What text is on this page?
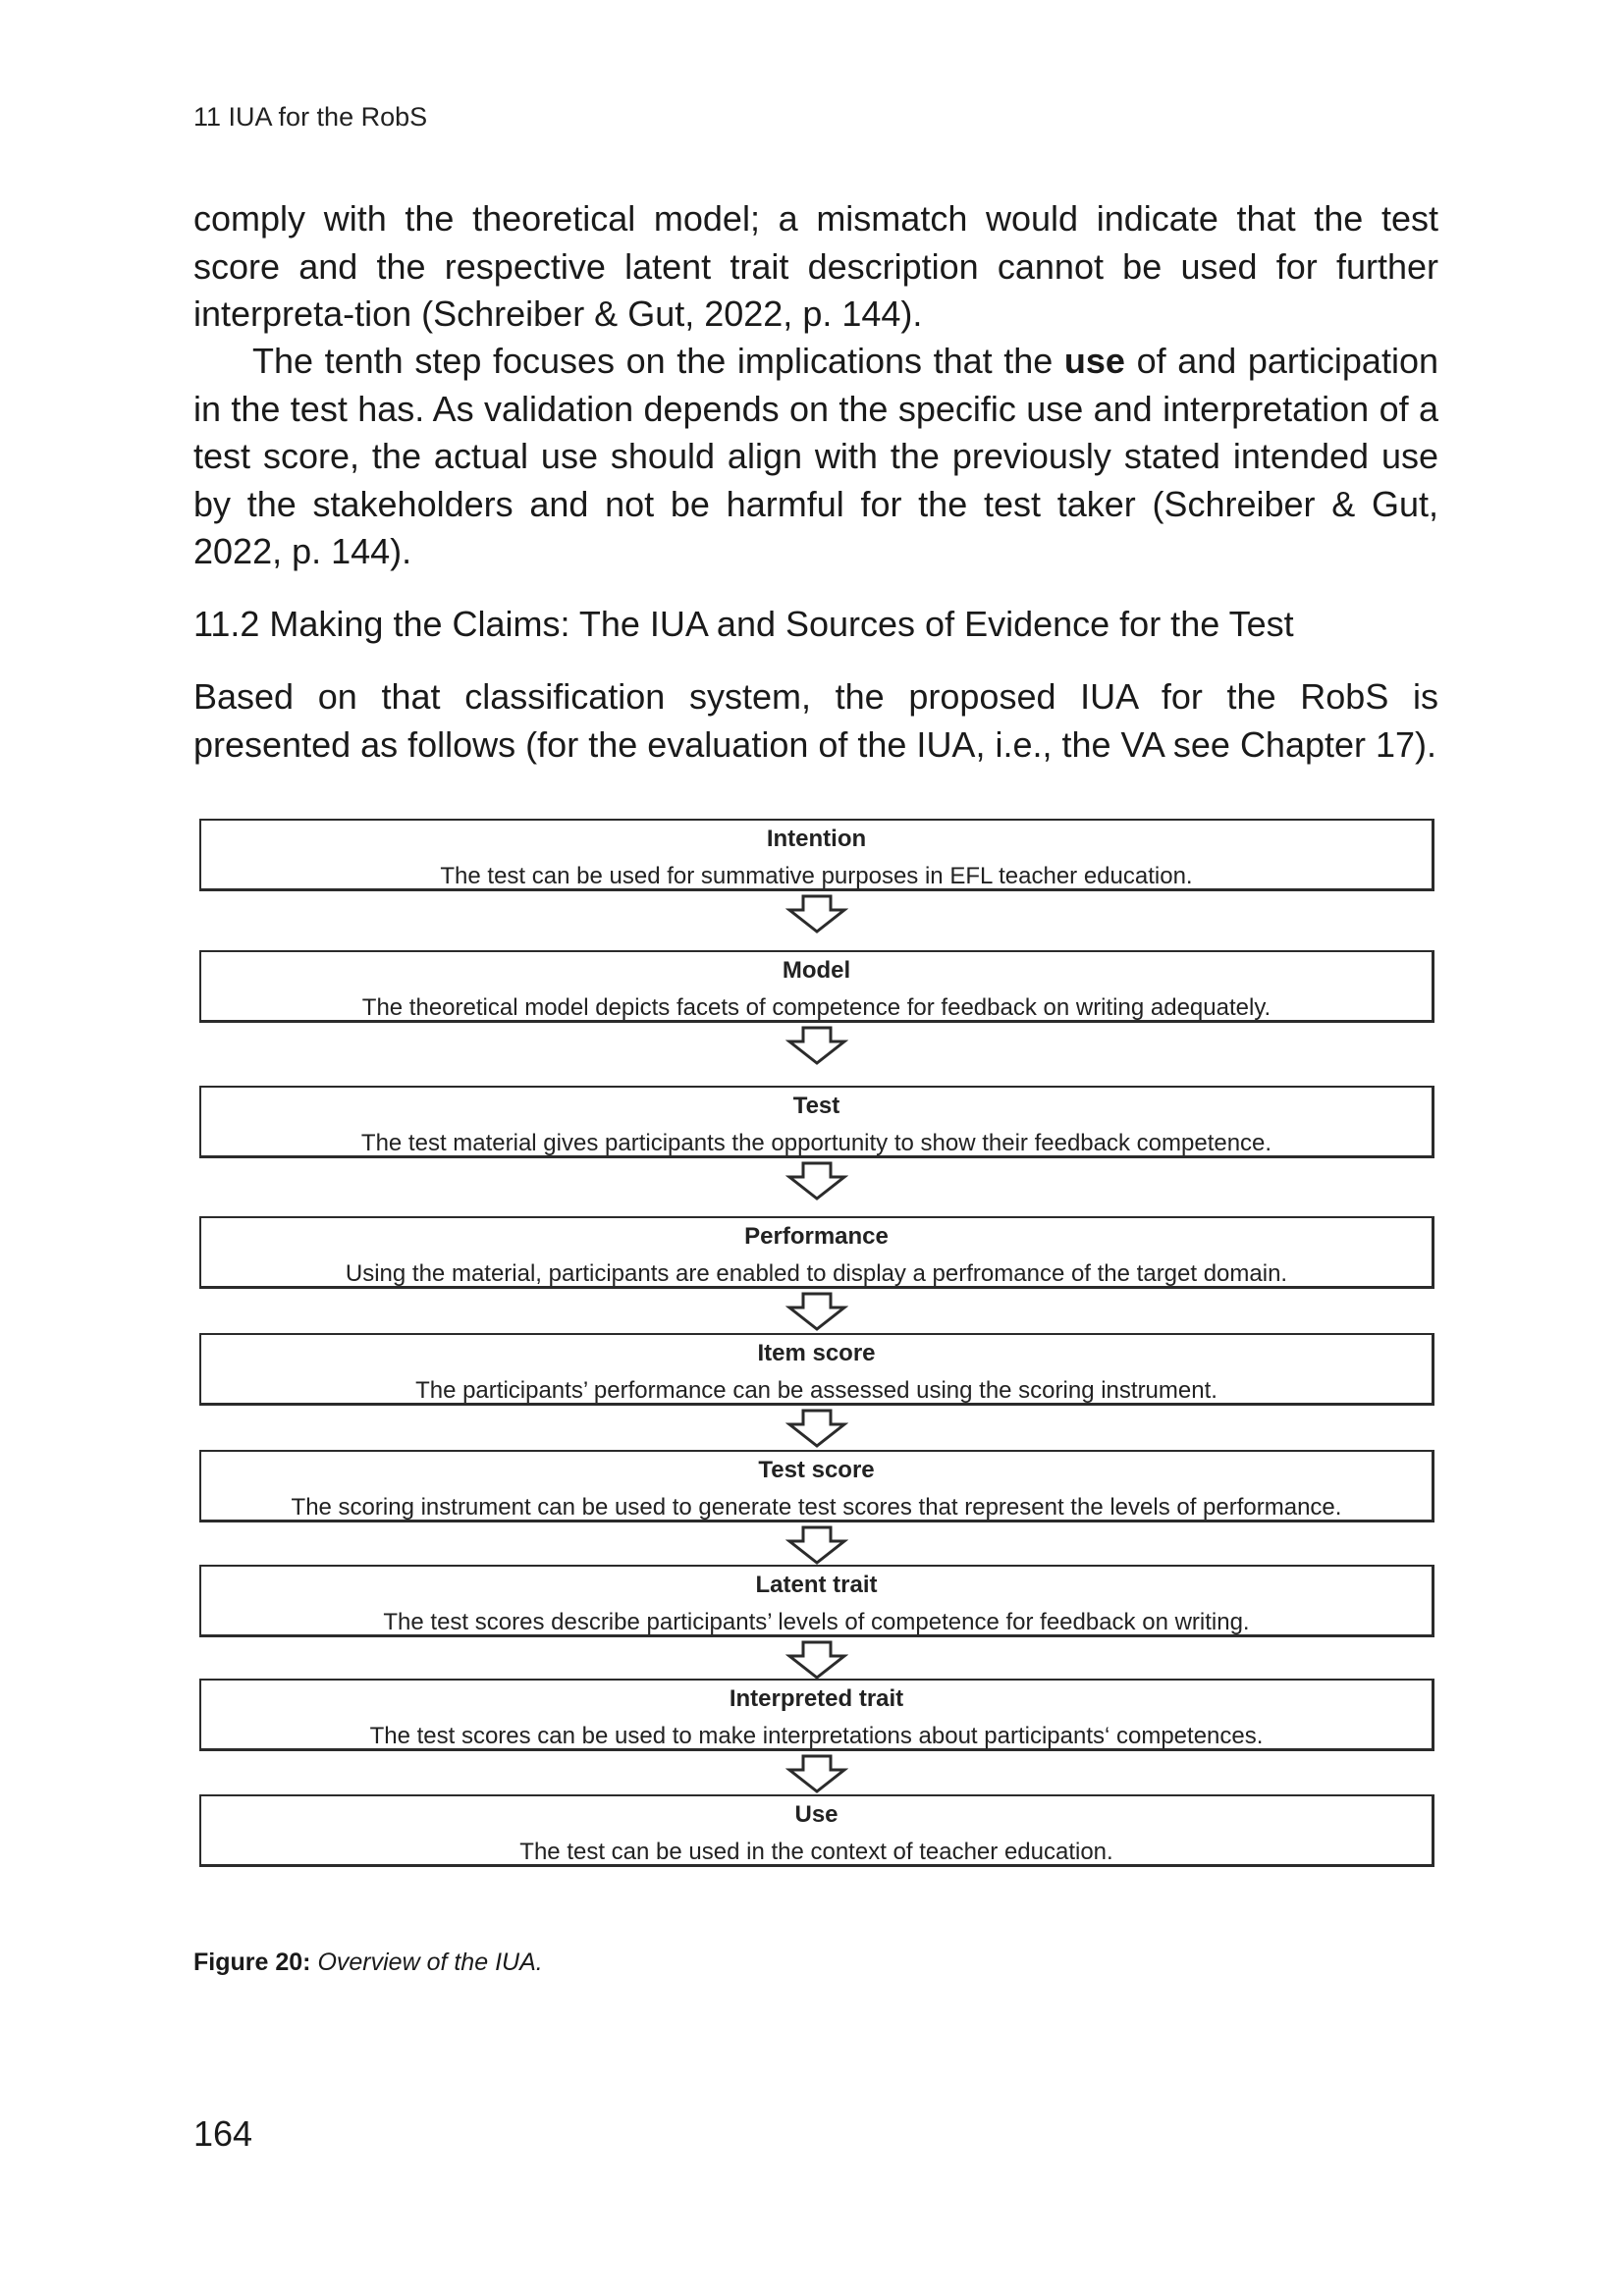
11 IUA for the RobS
comply with the theoretical model; a mismatch would indicate that the test score and the respective latent trait description cannot be used for further interpreta-tion (Schreiber & Gut, 2022, p. 144).
The tenth step focuses on the implications that the use of and participation in the test has. As validation depends on the specific use and interpretation of a test score, the actual use should align with the previously stated intended use by the stakeholders and not be harmful for the test taker (Schreiber & Gut, 2022, p. 144).
11.2 Making the Claims: The IUA and Sources of Evidence for the Test
Based on that classification system, the proposed IUA for the RobS is presented as follows (for the evaluation of the IUA, i.e., the VA see Chapter 17).
Intention
The test can be used for summative purposes in EFL teacher education.
Model
The theoretical model depicts facets of competence for feedback on writing adequately.
Test
The test material gives participants the opportunity to show their feedback competence.
Performance
Using the material, participants are enabled to display a perfromance of the target domain.
Item score
The participants’ performance can be assessed using the scoring instrument.
Test score
The scoring instrument can be used to generate test scores that represent the levels of performance.
Latent trait
The test scores describe participants’ levels of competence for feedback on writing.
Interpreted trait
The test scores can be used to make interpretations about participants‘ competences.
Use
The test can be used in the context of teacher education.
Figure 20: Overview of the IUA.
164
